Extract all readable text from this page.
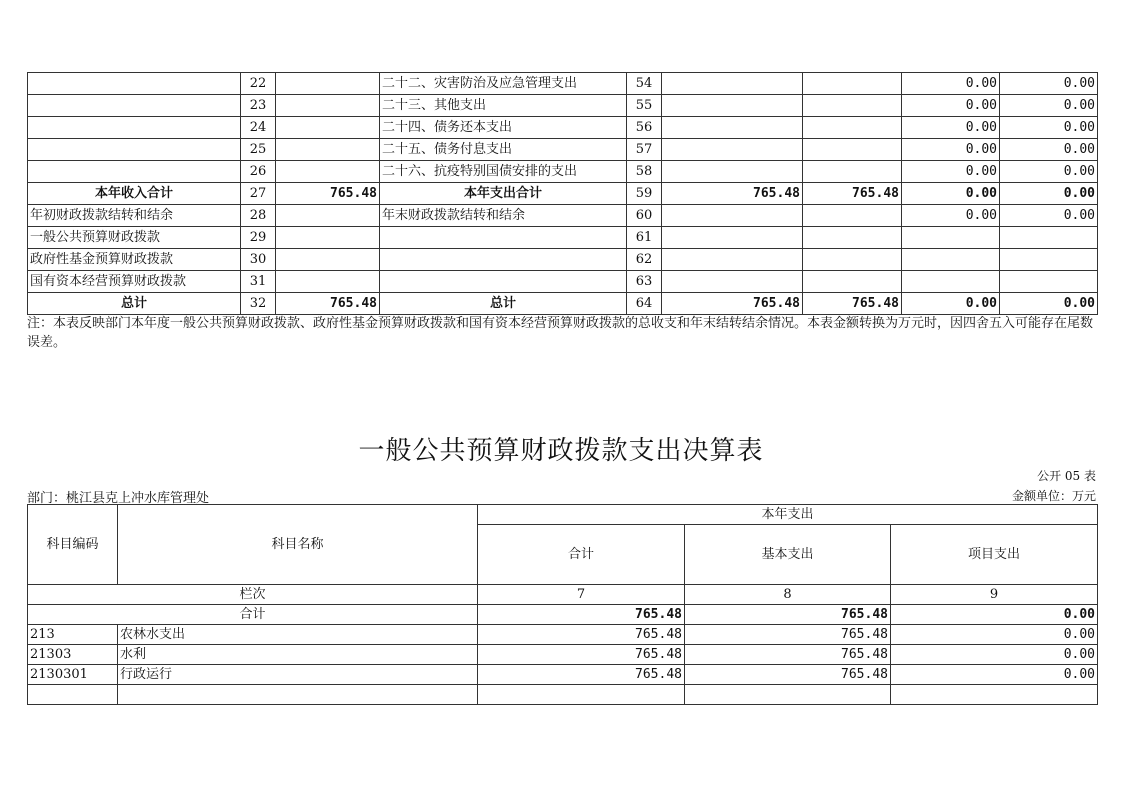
	22		二十二、灾害防治及应急管理支出	54			0.00	0.00
	23		二十三、其他支出	55			0.00	0.00
	24		二十四、债务还本支出	56			0.00	0.00
	25		二十五、债务付息支出	57			0.00	0.00
	26		二十六、抗疫特别国债安排的支出	58			0.00	0.00
本年收入合计	27	765.48	本年支出合计	59	765.48	765.48	0.00	0.00
年初财政拨款结转和结余	28		年末财政拨款结转和结余	60			0.00	0.00
一般公共预算财政拨款	29			61				
政府性基金预算财政拨款	30			62				
国有资本经营预算财政拨款	31			63				
总计	32	765.48	总计	64	765.48	765.48	0.00	0.00
注：本表反映部门本年度一般公共预算财政拨款、政府性基金预算财政拨款和国有资本经营预算财政拨款的总收支和年末结转结余情况。本表金额转换为万元时，因四舍五入可能存在尾数误差。
一般公共预算财政拨款支出决算表
公开 05 表
部门：桃江县克上冲水库管理处	金额单位：万元
科目编码	科目名称	本年支出		
		合计	基本支出	项目支出
栏次		7	8	9
合计		765.48	765.48	0.00
213	农林水支出	765.48	765.48	0.00
21303	水利	765.48	765.48	0.00
2130301	行政运行	765.48	765.48	0.00
